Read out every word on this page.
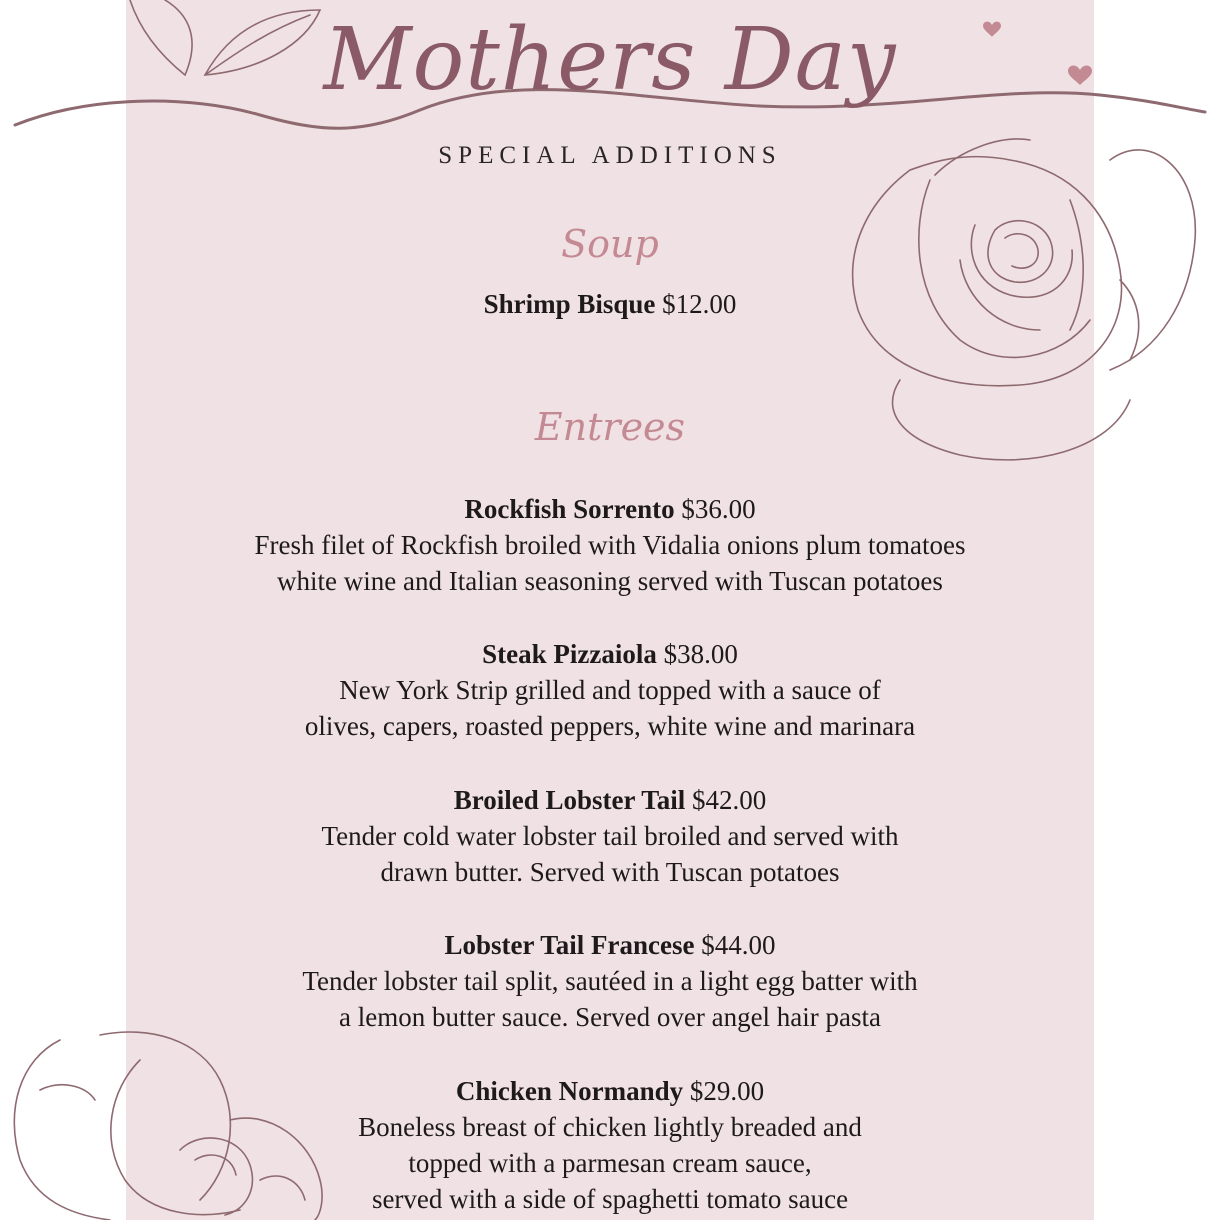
Mothers Day
SPECIAL ADDITIONS
Soup
Shrimp Bisque $12.00
Entrees
Rockfish Sorrento $36.00
Fresh filet of Rockfish broiled with Vidalia onions plum tomatoes
white wine and Italian seasoning served with Tuscan potatoes
Steak Pizzaiola $38.00
New York Strip grilled and topped with a sauce of
olives, capers, roasted peppers, white wine and marinara
Broiled Lobster Tail $42.00
Tender cold water lobster tail broiled and served with
drawn butter. Served with Tuscan potatoes
Lobster Tail Francese $44.00
Tender lobster tail split, sautéed in a light egg batter with
a lemon butter sauce. Served over angel hair pasta
Chicken Normandy $29.00
Boneless breast of chicken lightly breaded and
topped with a parmesan cream sauce,
served with a side of spaghetti tomato sauce
